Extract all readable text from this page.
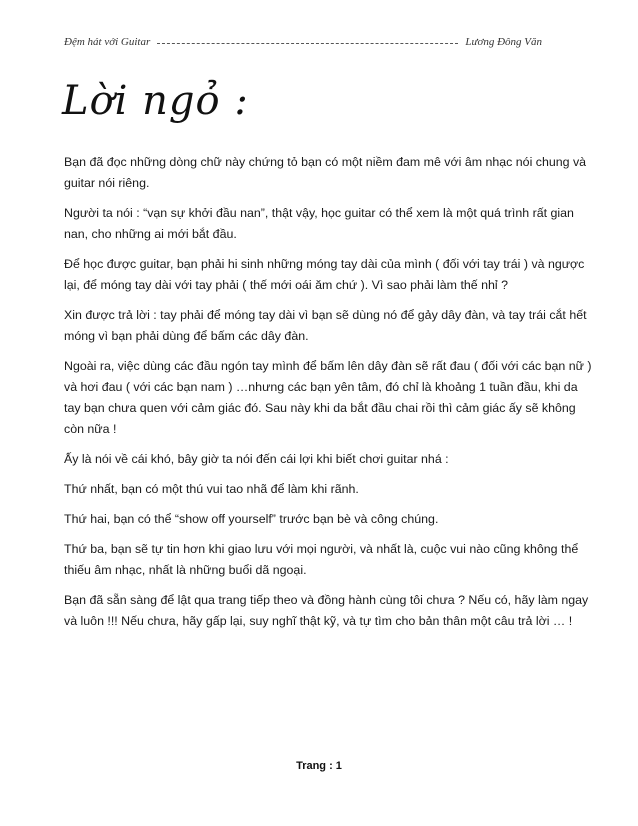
Đệm hát với Guitar	Lương Đông Văn
Lời ngỏ :

Bạn đã đọc những dòng chữ này chứng tỏ bạn có một niềm đam mê với âm nhạc nói chung và guitar nói riêng.

Người ta nói : “vạn sự khởi đầu nan”, thật vậy, học guitar có thể xem là một quá trình rất gian nan, cho những ai mới bắt đầu.

Để học được guitar, bạn phải hi sinh những móng tay dài của mình ( đối với tay trái ) và ngược lại, để móng tay dài với tay phải ( thế mới oái ăm chứ ). Vì sao phải làm thế nhỉ ?

Xin được trả lời : tay phải để móng tay dài vì bạn sẽ dùng nó để gảy dây đàn, và tay trái cắt hết móng vì bạn phải dùng để bấm các dây đàn.

Ngoài ra, việc dùng các đầu ngón tay mình để bấm lên dây đàn sẽ rất đau ( đối với các bạn nữ ) và hơi đau ( với các bạn nam ) …nhưng các bạn yên tâm, đó chỉ là khoảng 1 tuần đầu, khi da tay bạn chưa quen với cảm giác đó. Sau này khi da bắt đầu chai rồi thì cảm giác ấy sẽ không còn nữa !

Ấy là nói về cái khó, bây giờ ta nói đến cái lợi khi biết chơi guitar nhá :

Thứ nhất, bạn có một thú vui tao nhã để làm khi rãnh.

Thứ hai, bạn có thể “show off yourself” trước bạn bè và công chúng.

Thứ ba, bạn sẽ tự tin hơn khi giao lưu với mọi người, và nhất là, cuộc vui nào cũng không thể thiếu âm nhạc, nhất là những buổi dã ngoại.

Bạn đã sẵn sàng để lật qua trang tiếp theo và đồng hành cùng tôi chưa ? Nếu có, hãy làm ngay và luôn !!! Nếu chưa, hãy gấp lại, suy nghĩ thật kỹ, và tự tìm cho bản thân một câu trả lời … !

Trang : 1
